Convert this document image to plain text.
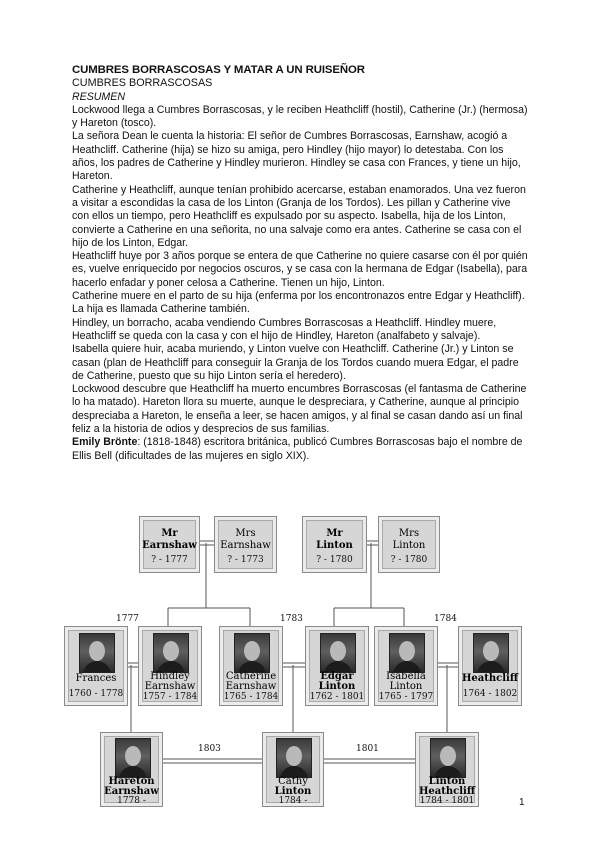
CUMBRES BORRASCOSAS Y MATAR A UN RUISEÑOR

CUMBRES BORRASCOSAS

RESUMEN

Lockwood llega a Cumbres Borrascosas, y le reciben Heathcliff (hostil), Catherine (Jr.) (hermosa) y Hareton (tosco).

La señora Dean le cuenta la historia: El señor de Cumbres Borrascosas, Earnshaw, acogió a Heathcliff. Catherine (hija) se hizo su amiga, pero Hindley (hijo mayor) lo detestaba. Con los años, los padres de Catherine y Hindley murieron. Hindley se casa con Frances, y tiene un hijo, Hareton.

Catherine y Heathcliff, aunque tenían prohibido acercarse, estaban enamorados. Una vez fueron a visitar a escondidas la casa de los Linton (Granja de los Tordos). Les pillan y Catherine vive con ellos un tiempo, pero Heathcliff es expulsado por su aspecto. Isabella, hija de los Linton, convierte a Catherine en una señorita, no una salvaje como era antes. Catherine se casa con el hijo de los Linton, Edgar.

Heathcliff huye por 3 años porque se entera de que Catherine no quiere casarse con él por quién es, vuelve enriquecido por negocios oscuros, y se casa con la hermana de Edgar (Isabella), para hacerlo enfadar y poner celosa a Catherine. Tienen un hijo, Linton.

Catherine muere en el parto de su hija (enferma por los encontronazos entre Edgar y Heathcliff). La hija es llamada Catherine también.

Hindley, un borracho, acaba vendiendo Cumbres Borrascosas a Heathcliff. Hindley muere, Heathcliff se queda con la casa y con el hijo de Hindley, Hareton (analfabeto y salvaje).

Isabella quiere huir, acaba muriendo, y Linton vuelve con Heathcliff. Catherine (Jr.) y Linton se casan (plan de Heathcliff para conseguir la Granja de los Tordos cuando muera Edgar, el padre de Catherine, puesto que su hijo Linton sería el heredero).

Lockwood descubre que Heathcliff ha muerto encumbres Borrascosas (el fantasma de Catherine lo ha matado). Hareton llora su muerte, aunque le despreciara, y Catherine, aunque al principio despreciaba a Hareton, le enseña a leer, se hacen amigos, y al final se casan dando así un final feliz a la historia de odios y desprecios de sus familias.

Emily Brönte: (1818-1848) escritora británica, publicó Cumbres Borrascosas bajo el nombre de Ellis Bell (dificultades de las mujeres en siglo XIX).

1777	1783	1784
1803	1801
Mr
Earnshaw
? - 1777
Mrs
Earnshaw
? - 1773
Mr
Linton
? - 1780
Mrs
Linton
? - 1780
Frances
1760 - 1778
Hindley
Earnshaw
1757 - 1784
Catherine
Earnshaw
1765 - 1784
Edgar
Linton
1762 - 1801
Isabella
Linton
1765 - 1797
Heathcliff
1764 - 1802
Hareton
Earnshaw
1778 -
Cathy
Linton
1784 -
Linton
Heathcliff
1784 - 1801	1
